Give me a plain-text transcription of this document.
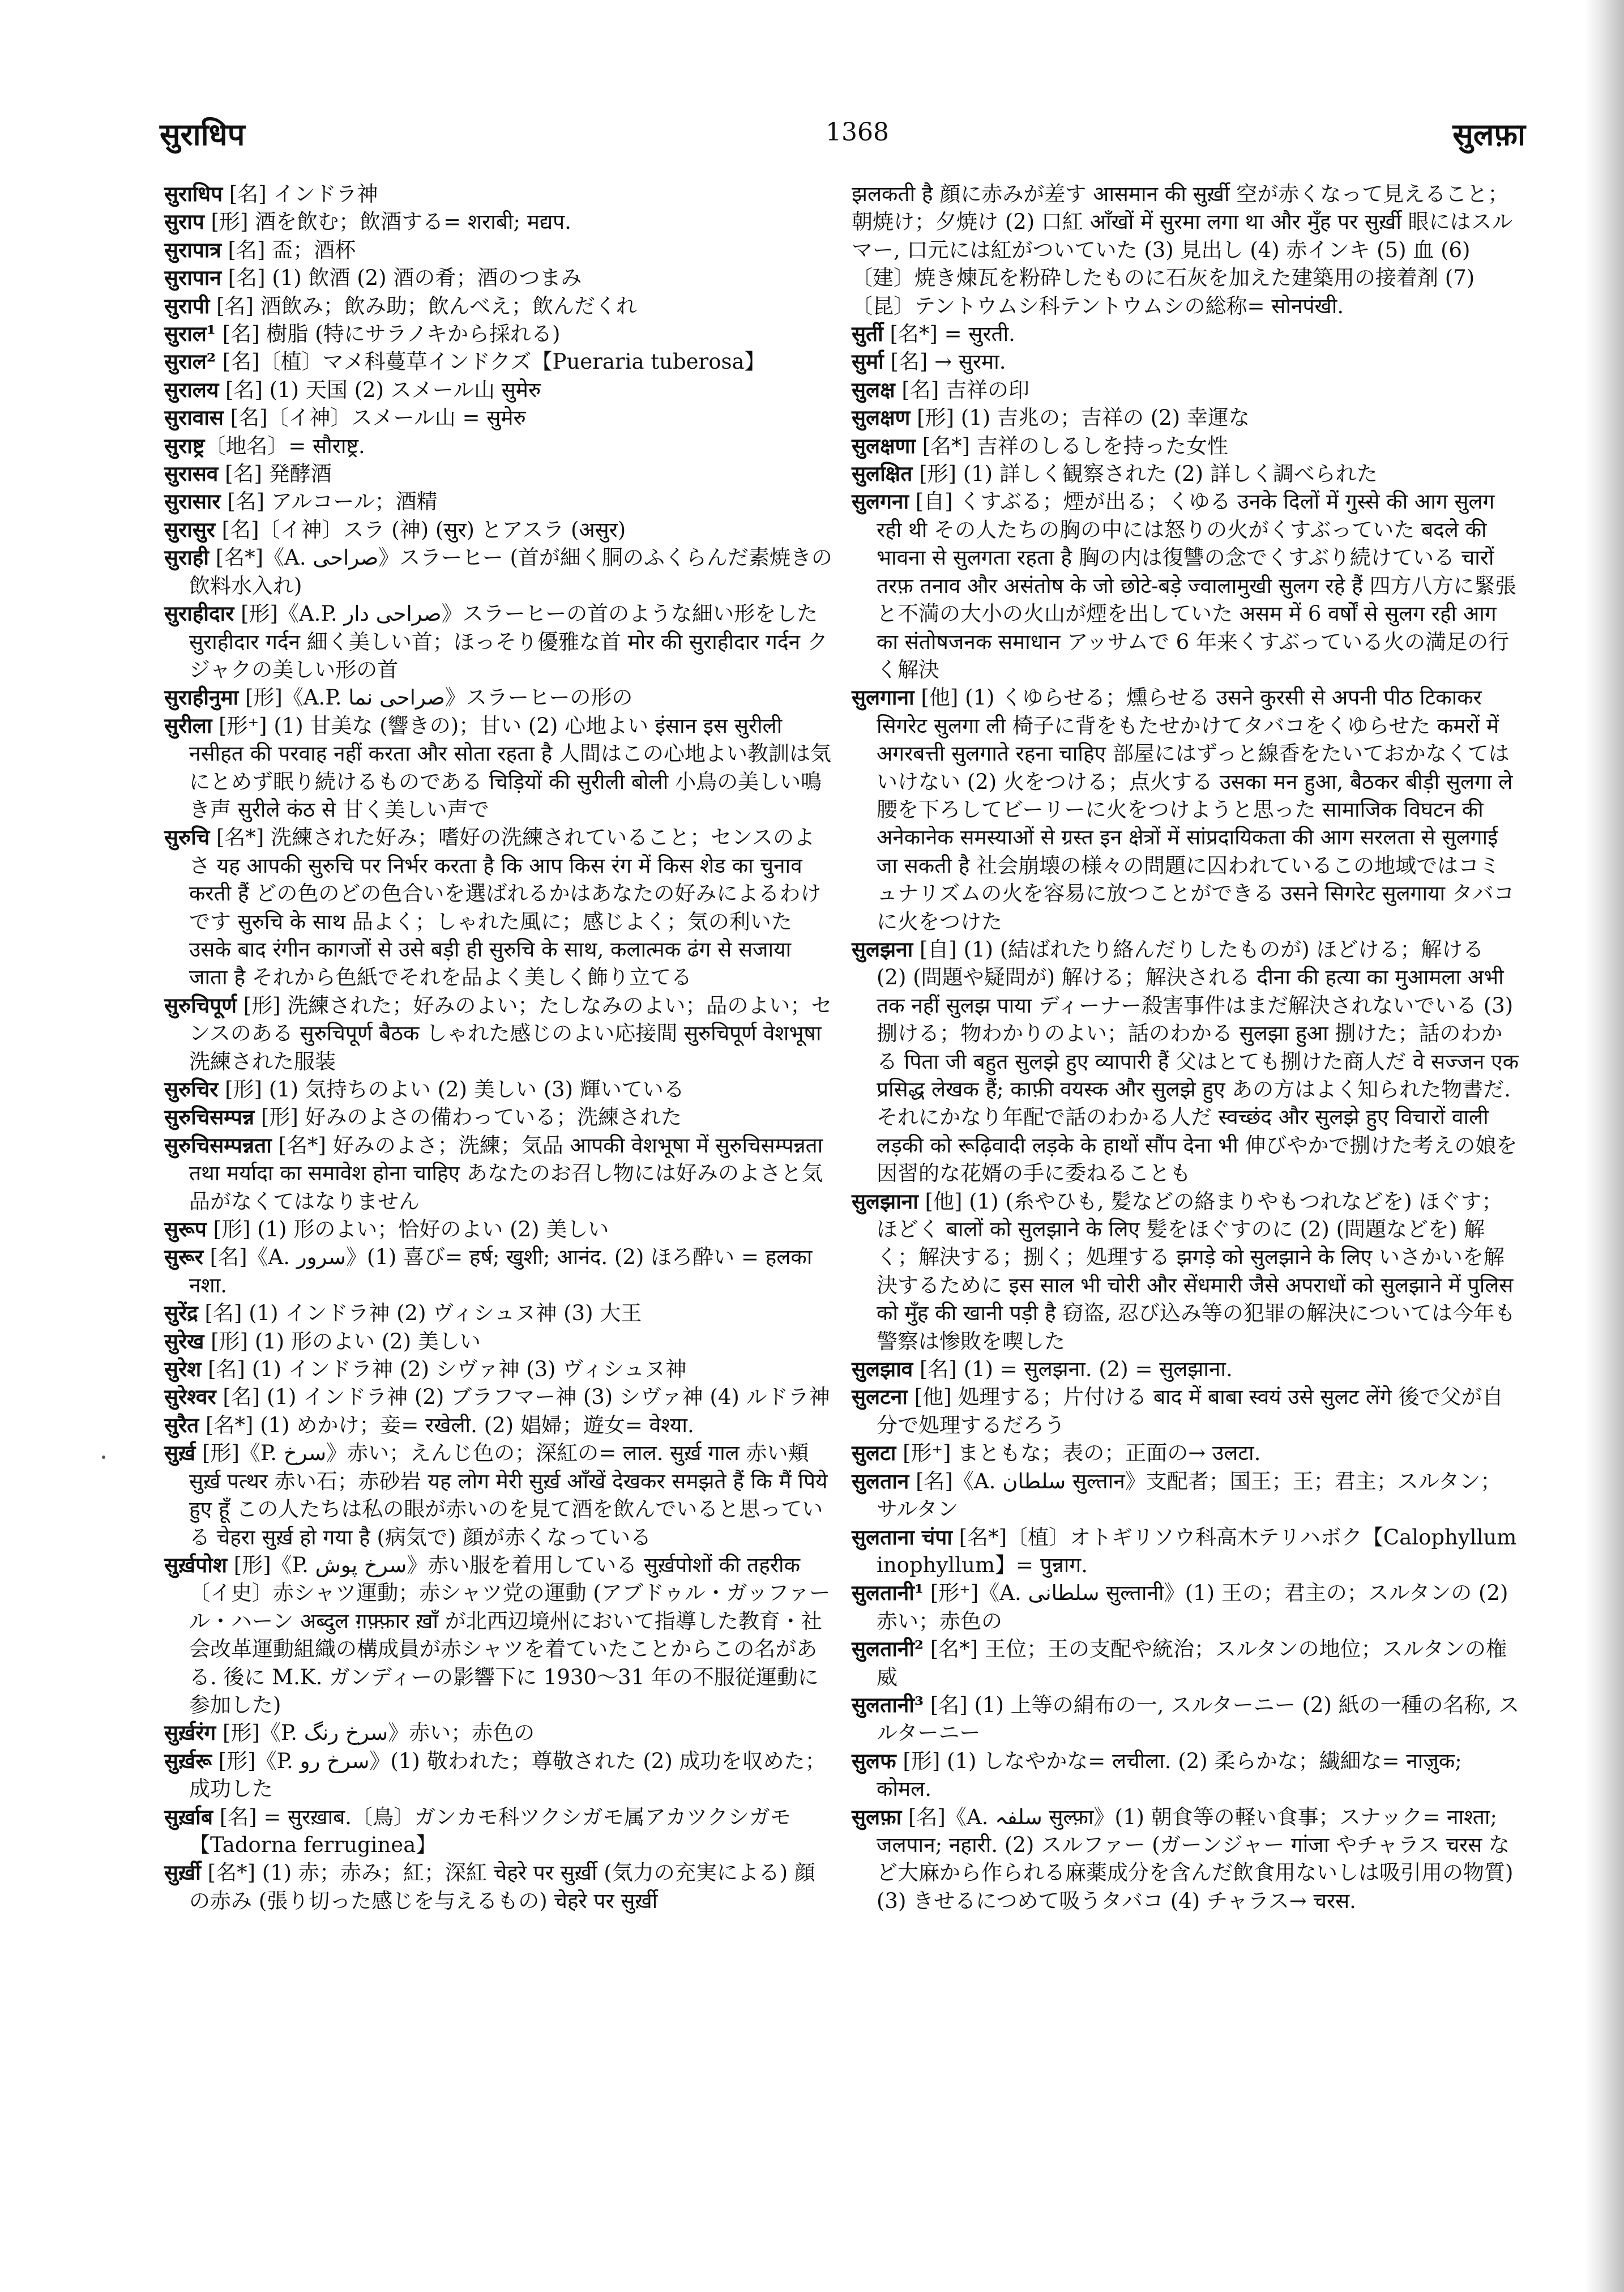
सुराधिप	1368	सुलफ़ा

सुराधिप [名] インドラ神

सुराप [形] 酒を飲む；飲酒する= शराबी; मद्यप.

सुरापात्र [名] 盃；酒杯

सुरापान [名] (1) 飲酒 (2) 酒の肴；酒のつまみ

सुरापी [名] 酒飲み；飲み助；飲んべえ；飲んだくれ

सुराल¹ [名] 樹脂 (特にサラノキから採れる)

सुराल² [名]〔植〕マメ科蔓草インドクズ【Pueraria tuberosa】

सुरालय [名] (1) 天国 (2) スメール山 सुमेरु

सुरावास [名]〔イ神〕スメール山 = सुमेरु

सुराष्ट्र〔地名〕= सौराष्ट्र.

सुरासव [名] 発酵酒

सुरासार [名] アルコール；酒精

सुरासुर [名]〔イ神〕スラ (神) (सुर) とアスラ (असुर)

सुराही [名*]《A. صراحی》スラーヒー (首が細く胴のふくらんだ素焼きの飲料水入れ)

सुराहीदार [形]《A.P. صراحی دار》スラーヒーの首のような細い形をした सुराहीदार गर्दन 細く美しい首；ほっそり優雅な首 मोर की सुराहीदार गर्दन クジャクの美しい形の首

सुराहीनुमा [形]《A.P. صراحی نما》スラーヒーの形の

सुरीला [形⁺] (1) 甘美な (響きの)；甘い (2) 心地よい इंसान इस सुरीली नसीहत की परवाह नहीं करता और सोता रहता है 人間はこの心地よい教訓は気にとめず眠り続けるものである चिड़ियों की सुरीली बोली 小鳥の美しい鳴き声 सुरीले कंठ से 甘く美しい声で

सुरुचि [名*] 洗練された好み；嗜好の洗練されていること；センスのよさ यह आपकी सुरुचि पर निर्भर करता है कि आप किस रंग में किस शेड का चुनाव करती हैं どの色のどの色合いを選ばれるかはあなたの好みによるわけです सुरुचि के साथ 品よく；しゃれた風に；感じよく；気の利いた उसके बाद रंगीन कागजों से उसे बड़ी ही सुरुचि के साथ, कलात्मक ढंग से सजाया जाता है それから色紙でそれを品よく美しく飾り立てる

सुरुचिपूर्ण [形] 洗練された；好みのよい；たしなみのよい；品のよい；センスのある सुरुचिपूर्ण बैठक しゃれた感じのよい応接間 सुरुचिपूर्ण वेशभूषा 洗練された服装

सुरुचिर [形] (1) 気持ちのよい (2) 美しい (3) 輝いている

सुरुचिसम्पन्न [形] 好みのよさの備わっている；洗練された

सुरुचिसम्पन्नता [名*] 好みのよさ；洗練；気品 आपकी वेशभूषा में सुरुचिसम्पन्नता तथा मर्यादा का समावेश होना चाहिए あなたのお召し物には好みのよさと気品がなくてはなりません

सुरूप [形] (1) 形のよい；恰好のよい (2) 美しい

सुरूर [名]《A. سرور》(1) 喜び= हर्ष; खुशी; आनंद. (2) ほろ酔い = हलका नशा.

सुरेंद्र [名] (1) インドラ神 (2) ヴィシュヌ神 (3) 大王

सुरेख [形] (1) 形のよい (2) 美しい

सुरेश [名] (1) インドラ神 (2) シヴァ神 (3) ヴィシュヌ神

सुरेश्वर [名] (1) インドラ神 (2) ブラフマー神 (3) シヴァ神 (4) ルドラ神

सुरैत [名*] (1) めかけ；妾= रखेली. (2) 娼婦；遊女= वेश्या.

सुर्ख़ [形]《P. سرخ》赤い；えんじ色の；深紅の= लाल. सुर्ख़ गाल 赤い頬 सुर्ख़ पत्थर 赤い石；赤砂岩 यह लोग मेरी सुर्ख़ आँखें देखकर समझते हैं कि मैं पिये हुए हूँ この人たちは私の眼が赤いのを見て酒を飲んでいると思っている चेहरा सुर्ख़ हो गया है (病気で) 顔が赤くなっている

सुर्ख़पोश [形]《P. سرخ پوش》赤い服を着用している सुर्ख़पोशों की तहरीक〔イ史〕赤シャツ運動；赤シャツ党の運動 (アブドゥル・ガッファール・ハーン अब्दुल ग़फ़्फ़ार ख़ाँ が北西辺境州において指導した教育・社会改革運動組織の構成員が赤シャツを着ていたことからこの名がある. 後に M.K. ガンディーの影響下に 1930〜31 年の不服従運動に参加した)

सुर्ख़रंग [形]《P. سرخ رنگ》赤い；赤色の

सुर्ख़रू [形]《P. سرخ رو》(1) 敬われた；尊敬された (2) 成功を収めた；成功した

सुर्ख़ाब [名] = सुरख़ाब.〔鳥〕ガンカモ科ツクシガモ属アカツクシガモ【Tadorna ferruginea】

सुर्ख़ी [名*] (1) 赤；赤み；紅；深紅 चेहरे पर सुर्ख़ी (気力の充実による) 顔の赤み (張り切った感じを与えるもの) चेहरे पर सुर्ख़ी

झलकती है 顔に赤みが差す आसमान की सुर्ख़ी 空が赤くなって見えること；朝焼け；夕焼け (2) 口紅 आँखों में सुरमा लगा था और मुँह पर सुर्ख़ी 眼にはスルマー, 口元には紅がついていた (3) 見出し (4) 赤インキ (5) 血 (6)〔建〕焼き煉瓦を粉砕したものに石灰を加えた建築用の接着剤 (7)〔昆〕テントウムシ科テントウムシの総称= सोनपंखी.

सुर्ती [名*] = सुरती.

सुर्मा [名] → सुरमा.

सुलक्ष [名] 吉祥の印

सुलक्षण [形] (1) 吉兆の；吉祥の (2) 幸運な

सुलक्षणा [名*] 吉祥のしるしを持った女性

सुलक्षित [形] (1) 詳しく観察された (2) 詳しく調べられた

सुलगना [自] くすぶる；煙が出る；くゆる उनके दिलों में गुस्से की आग सुलग रही थी その人たちの胸の中には怒りの火がくすぶっていた बदले की भावना से सुलगता रहता है 胸の内は復讐の念でくすぶり続けている चारों तरफ़ तनाव और असंतोष के जो छोटे-बड़े ज्वालामुखी सुलग रहे हैं 四方八方に緊張と不満の大小の火山が煙を出していた असम में 6 वर्षों से सुलग रही आग का संतोषजनक समाधान アッサムで 6 年来くすぶっている火の満足の行く解決

सुलगाना [他] (1) くゆらせる；燻らせる उसने कुरसी से अपनी पीठ टिकाकर सिगरेट सुलगा ली 椅子に背をもたせかけてタバコをくゆらせた कमरों में अगरबत्ती सुलगाते रहना चाहिए 部屋にはずっと線香をたいておかなくてはいけない (2) 火をつける；点火する उसका मन हुआ, बैठकर बीड़ी सुलगा ले 腰を下ろしてビーリーに火をつけようと思った सामाजिक विघटन की अनेकानेक समस्याओं से ग्रस्त इन क्षेत्रों में सांप्रदायिकता की आग सरलता से सुलगाई जा सकती है 社会崩壊の様々の問題に囚われているこの地域ではコミュナリズムの火を容易に放つことができる उसने सिगरेट सुलगाया タバコに火をつけた

सुलझना [自] (1) (結ばれたり絡んだりしたものが) ほどける；解ける (2) (問題や疑問が) 解ける；解決される दीना की हत्या का मुआमला अभी तक नहीं सुलझ पाया ディーナー殺害事件はまだ解決されないでいる (3) 捌ける；物わかりのよい；話のわかる सुलझा हुआ 捌けた；話のわかる पिता जी बहुत सुलझे हुए व्यापारी हैं 父はとても捌けた商人だ वे सज्जन एक प्रसिद्ध लेखक हैं; काफ़ी वयस्क और सुलझे हुए あの方はよく知られた物書だ. それにかなり年配で話のわかる人だ स्वच्छंद और सुलझे हुए विचारों वाली लड़की को रूढ़िवादी लड़के के हाथों सौंप देना भी 伸びやかで捌けた考えの娘を因習的な花婿の手に委ねることも

सुलझाना [他] (1) (糸やひも, 髪などの絡まりやもつれなどを) ほぐす；ほどく बालों को सुलझाने के लिए 髪をほぐすのに (2) (問題などを) 解く；解決する；捌く；処理する झगड़े को सुलझाने के लिए いさかいを解決するために इस साल भी चोरी और सेंधमारी जैसे अपराधों को सुलझाने में पुलिस को मुँह की खानी पड़ी है 窃盗, 忍び込み等の犯罪の解決については今年も警察は惨敗を喫した

सुलझाव [名] (1) = सुलझना. (2) = सुलझाना.

सुलटना [他] 処理する；片付ける बाद में बाबा स्वयं उसे सुलट लेंगे 後で父が自分で処理するだろう

सुलटा [形⁺] まともな；表の；正面の→ उलटा.

सुलतान [名]《A. سلطان सुल्तान》支配者；国王；王；君主；スルタン；サルタン

सुलताना चंपा [名*]〔植〕オトギリソウ科高木テリハボク【Calophyllum inophyllum】= पुन्नाग.

सुलतानी¹ [形⁺]《A. سلطانی सुल्तानी》(1) 王の；君主の；スルタンの (2) 赤い；赤色の

सुलतानी² [名*] 王位；王の支配や統治；スルタンの地位；スルタンの権威

सुलतानी³ [名] (1) 上等の絹布の一, スルターニー (2) 紙の一種の名称, スルターニー

सुलफ [形] (1) しなやかな= लचीला. (2) 柔らかな；繊細な= नाज़ुक; कोमल.

सुलफ़ा [名]《A. سلفہ सुल्फ़ा》(1) 朝食等の軽い食事；スナック= नाश्ता; जलपान; नहारी. (2) スルファー (ガーンジャー गांजा やチャラス चरस など大麻から作られる麻薬成分を含んだ飲食用ないしは吸引用の物質) (3) きせるにつめて吸うタバコ (4) チャラス→ चरस.
